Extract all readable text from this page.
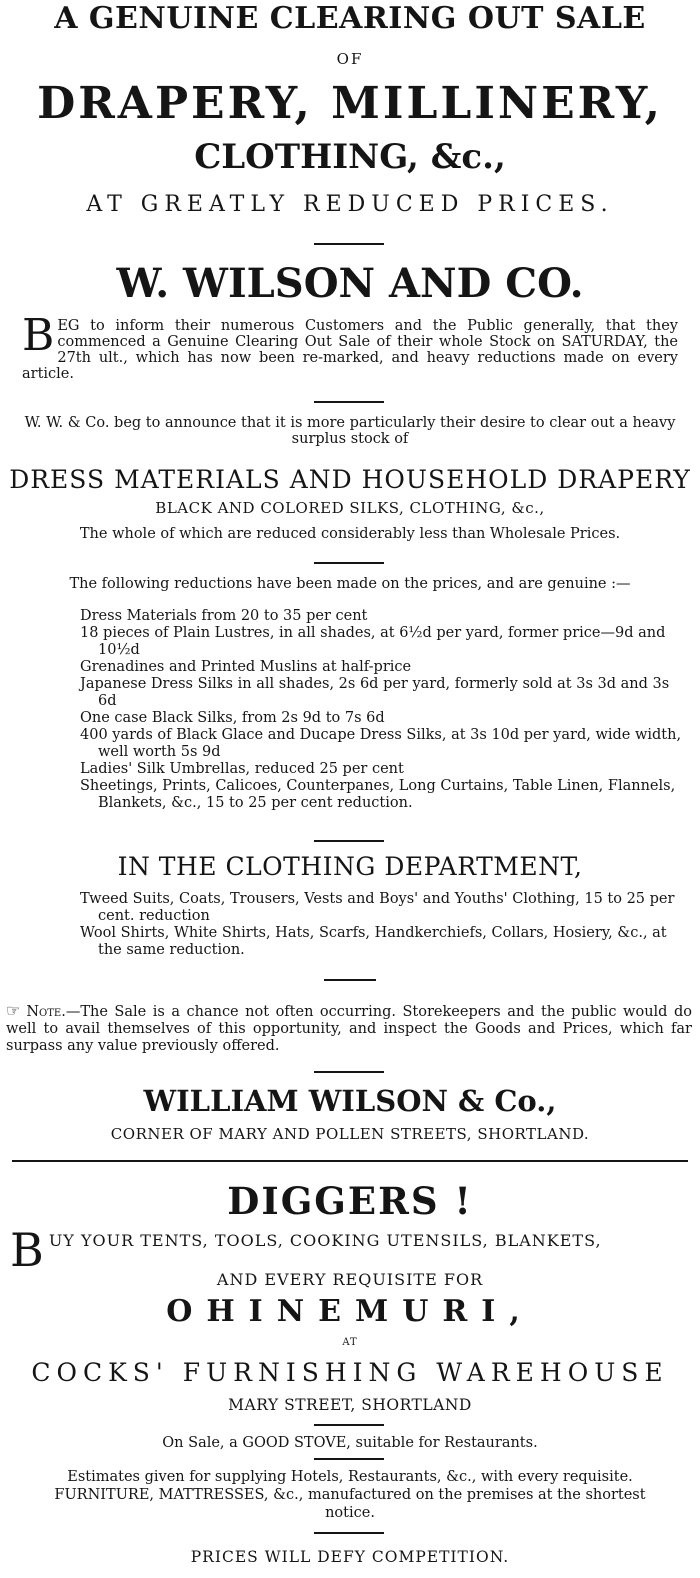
A GENUINE CLEARING OUT SALE
OF
DRAPERY, MILLINERY,
CLOTHING, &c.,
AT GREATLY REDUCED PRICES.
W. WILSON AND CO.
BEG to inform their numerous Customers and the Public generally, that they commenced a Genuine Clearing Out Sale of their whole Stock on SATURDAY, the 27th ult., which has now been re-marked, and heavy reductions made on every article.
W. W. & Co. beg to announce that it is more particularly their desire to clear out a heavy surplus stock of
DRESS MATERIALS AND HOUSEHOLD DRAPERY
BLACK AND COLORED SILKS, CLOTHING, &c.,
The whole of which are reduced considerably less than Wholesale Prices.
The following reductions have been made on the prices, and are genuine :—
Dress Materials from 20 to 35 per cent
18 pieces of Plain Lustres, in all shades, at 6½d per yard, former price—9d and 10½d
Grenadines and Printed Muslins at half-price
Japanese Dress Silks in all shades, 2s 6d per yard, formerly sold at 3s 3d and 3s 6d
One case Black Silks, from 2s 9d to 7s 6d
400 yards of Black Glace and Ducape Dress Silks, at 3s 10d per yard, wide width, well worth 5s 9d
Ladies' Silk Umbrellas, reduced 25 per cent
Sheetings, Prints, Calicoes, Counterpanes, Long Curtains, Table Linen, Flannels, Blankets, &c., 15 to 25 per cent reduction.
IN THE CLOTHING DEPARTMENT,
Tweed Suits, Coats, Trousers, Vests and Boys' and Youths' Clothing, 15 to 25 per cent. reduction
Wool Shirts, White Shirts, Hats, Scarfs, Handkerchiefs, Collars, Hosiery, &c., at the same reduction.
☞ Note.—The Sale is a chance not often occurring. Storekeepers and the public would do well to avail themselves of this opportunity, and inspect the Goods and Prices, which far surpass any value previously offered.
WILLIAM WILSON & Co.,
CORNER OF MARY AND POLLEN STREETS, SHORTLAND.
DIGGERS !
BUY YOUR TENTS, TOOLS, COOKING UTENSILS, BLANKETS,
AND EVERY REQUISITE FOR
OHINEMURI,
AT
COCKS' FURNISHING WAREHOUSE
MARY STREET, SHORTLAND
On Sale, a GOOD STOVE, suitable for Restaurants.
Estimates given for supplying Hotels, Restaurants, &c., with every requisite.
FURNITURE, MATTRESSES, &c., manufactured on the premises at the shortest
notice.
PRICES WILL DEFY COMPETITION.
